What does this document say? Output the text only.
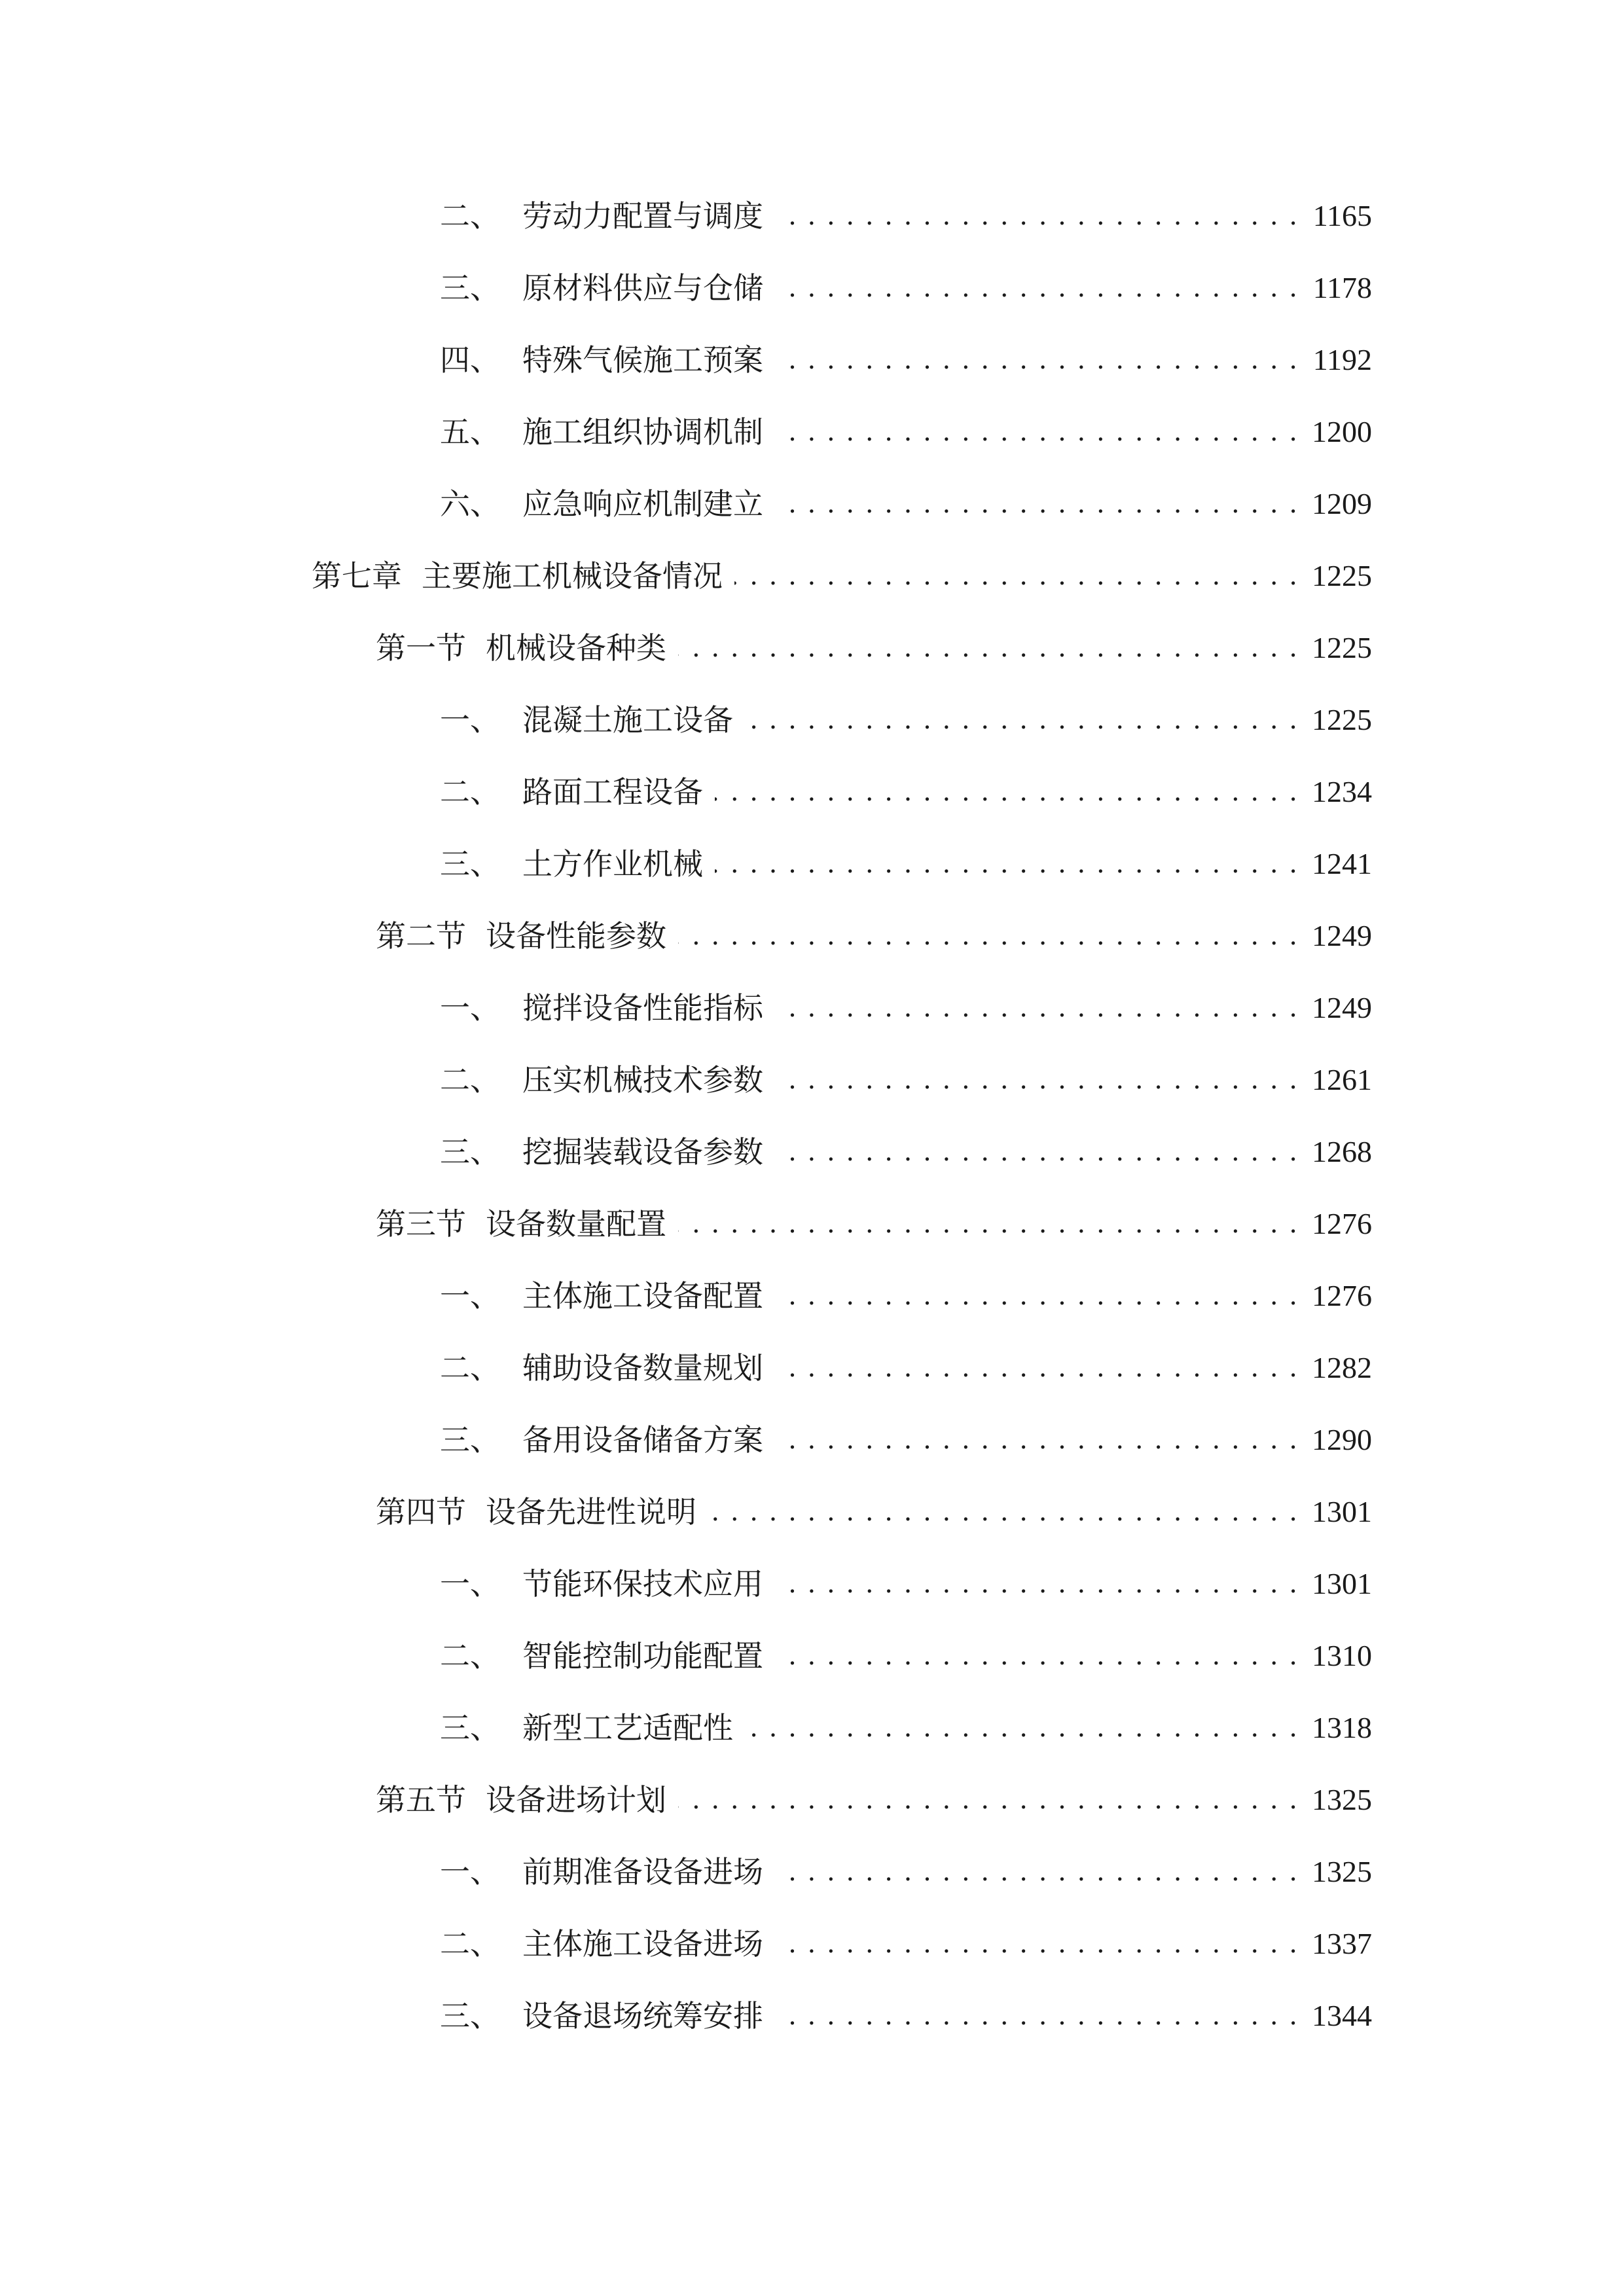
二、 劳动力配置与调度 . . .	1165
三、 原材料供应与仓储 . . .	1178
四、 特殊气候施工预案 . . .	1192
五、 施工组织协调机制 . . .	1200
六、 应急响应机制建立 . . .	1209
第七章 主要施工机械设备情况 . . .	1225
第一节 机械设备种类 . . .	1225
一、 混凝土施工设备 . . .	1225
二、 路面工程设备 . . .	1234
三、 土方作业机械 . . .	1241
第二节 设备性能参数 . . .	1249
一、 搅拌设备性能指标 . . .	1249
二、 压实机械技术参数 . . .	1261
三、 挖掘装载设备参数 . . .	1268
第三节 设备数量配置 . . .	1276
一、 主体施工设备配置 . . .	1276
二、 辅助设备数量规划 . . .	1282
三、 备用设备储备方案 . . .	1290
第四节 设备先进性说明 . . .	1301
一、 节能环保技术应用 . . .	1301
二、 智能控制功能配置 . . .	1310
三、 新型工艺适配性 . . .	1318
第五节 设备进场计划 . . .	1325
一、 前期准备设备进场 . . .	1325
二、 主体施工设备进场 . . .	1337
三、 设备退场统筹安排 . . .	1344
